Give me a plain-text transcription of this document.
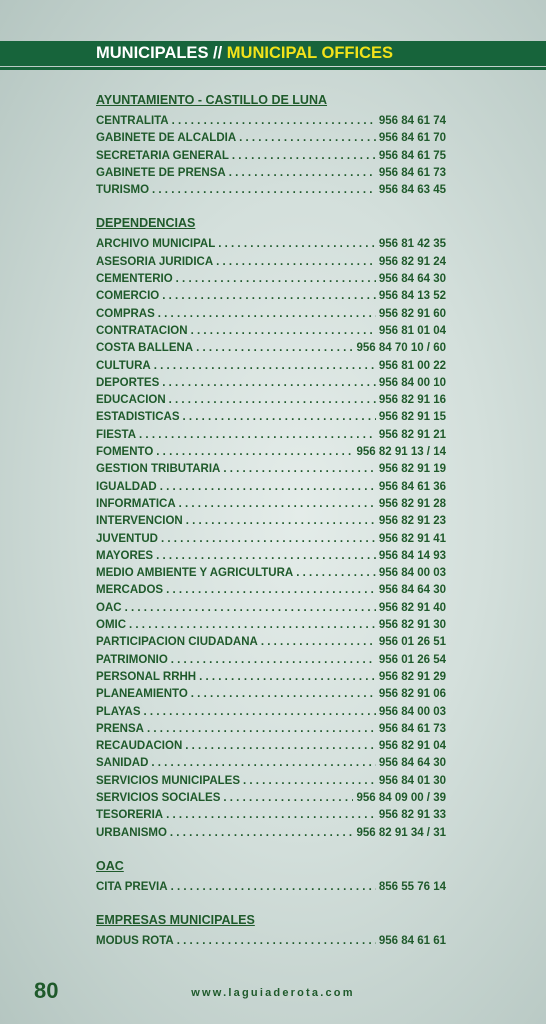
MUNICIPALES // MUNICIPAL OFFICES
AYUNTAMIENTO - CASTILLO DE LUNA
CENTRALITA . . .	956 84 61 74
GABINETE DE ALCALDIA . . .	956 84 61 70
SECRETARIA GENERAL . . .	956 84 61 75
GABINETE DE PRENSA . . .	956 84 61 73
TURISMO . . .	956 84 63 45
DEPENDENCIAS
ARCHIVO MUNICIPAL . . .	956 81 42 35
ASESORIA JURIDICA . . .	956 82 91 24
CEMENTERIO . . .	956 84 64 30
COMERCIO . . .	956 84 13 52
COMPRAS . . .	956 82 91 60
CONTRATACION . . .	956 81 01 04
COSTA BALLENA . . .	956 84 70 10 / 60
CULTURA . . .	956 81 00 22
DEPORTES . . .	956 84 00 10
EDUCACION . . .	956 82 91 16
ESTADISTICAS . . .	956 82 91 15
FIESTA . . .	956 82 91 21
FOMENTO . . .	956 82 91 13 / 14
GESTION TRIBUTARIA . . .	956 82 91 19
IGUALDAD . . .	956 84 61 36
INFORMATICA . . .	956 82 91 28
INTERVENCION . . .	956 82 91 23
JUVENTUD . . .	956 82 91 41
MAYORES . . .	956 84 14 93
MEDIO AMBIENTE Y AGRICULTURA . . .	956 84 00 03
MERCADOS . . .	956 84 64 30
OAC . . .	956 82 91 40
OMIC . . .	956 82 91 30
PARTICIPACION CIUDADANA . . .	956 01 26 51
PATRIMONIO . . .	956 01 26 54
PERSONAL RRHH . . .	956 82 91 29
PLANEAMIENTO . . .	956 82 91 06
PLAYAS . . .	956 84 00 03
PRENSA . . .	956 84 61 73
RECAUDACION . . .	956 82 91 04
SANIDAD . . .	956 84 64 30
SERVICIOS MUNICIPALES . . .	956 84 01 30
SERVICIOS SOCIALES . . .	956 84 09 00 / 39
TESORERIA . . .	956 82 91 33
URBANISMO . . .	956 82 91 34 / 31
OAC
CITA PREVIA . . .	856 55 76 14
EMPRESAS MUNICIPALES
MODUS ROTA . . .	956 84 61 61
80	www.laguiaderota.com
